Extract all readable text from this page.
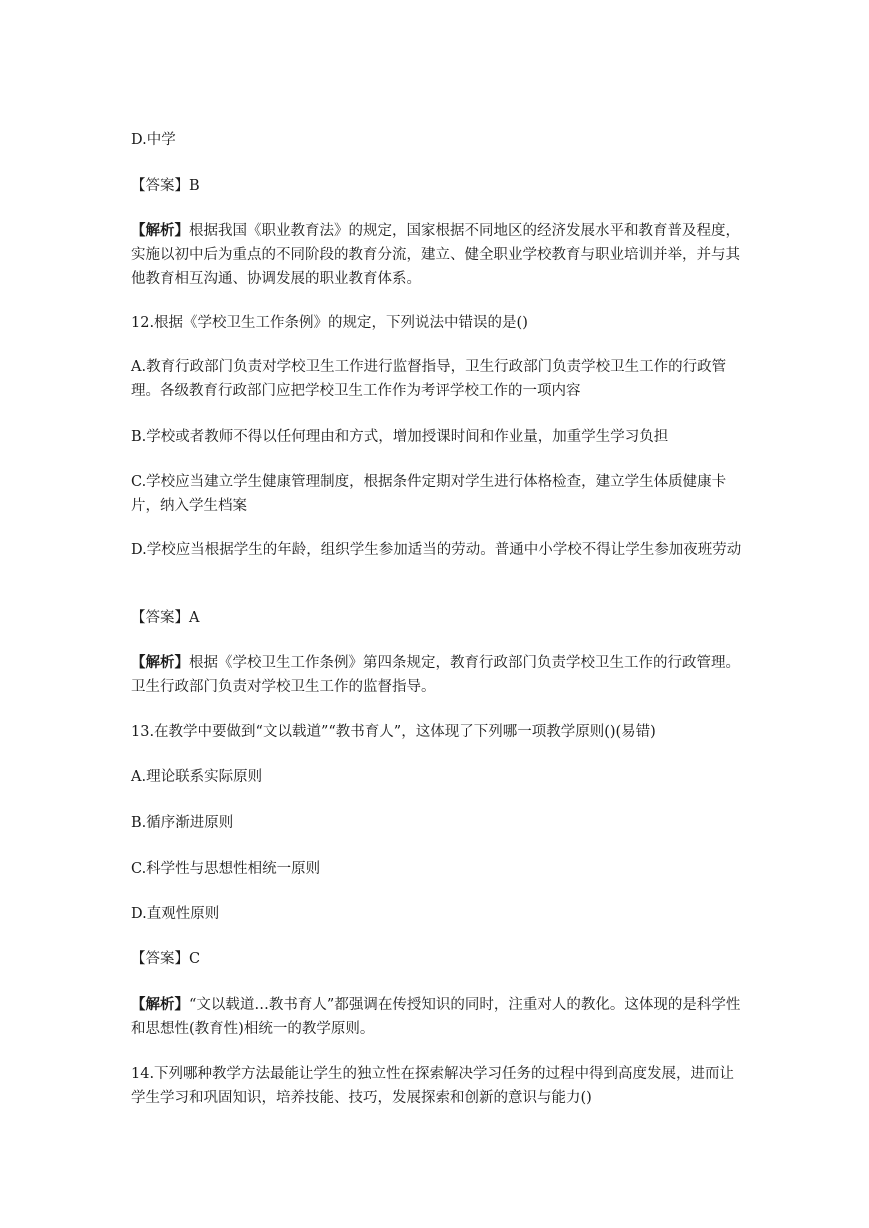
D.中学

【答案】B

【解析】根据我国《职业教育法》的规定，国家根据不同地区的经济发展水平和教育普及程度，实施以初中后为重点的不同阶段的教育分流，建立、健全职业学校教育与职业培训并举，并与其他教育相互沟通、协调发展的职业教育体系。

12.根据《学校卫生工作条例》的规定，下列说法中错误的是()

A.教育行政部门负责对学校卫生工作进行监督指导，卫生行政部门负责学校卫生工作的行政管理。各级教育行政部门应把学校卫生工作作为考评学校工作的一项内容

B.学校或者教师不得以任何理由和方式，增加授课时间和作业量，加重学生学习负担

C.学校应当建立学生健康管理制度，根据条件定期对学生进行体格检查，建立学生体质健康卡片，纳入学生档案

D.学校应当根据学生的年龄，组织学生参加适当的劳动。普通中小学校不得让学生参加夜班劳动

【答案】A

【解析】根据《学校卫生工作条例》第四条规定，教育行政部门负责学校卫生工作的行政管理。卫生行政部门负责对学校卫生工作的监督指导。

13.在教学中要做到“文以载道”“教书育人”，这体现了下列哪一项教学原则()(易错)

A.理论联系实际原则

B.循序渐进原则

C.科学性与思想性相统一原则

D.直观性原则

【答案】C

【解析】“文以载道…教书育人”都强调在传授知识的同时，注重对人的教化。这体现的是科学性和思想性(教育性)相统一的教学原则。

14.下列哪种教学方法最能让学生的独立性在探索解决学习任务的过程中得到高度发展，进而让学生学习和巩固知识，培养技能、技巧，发展探索和创新的意识与能力()
